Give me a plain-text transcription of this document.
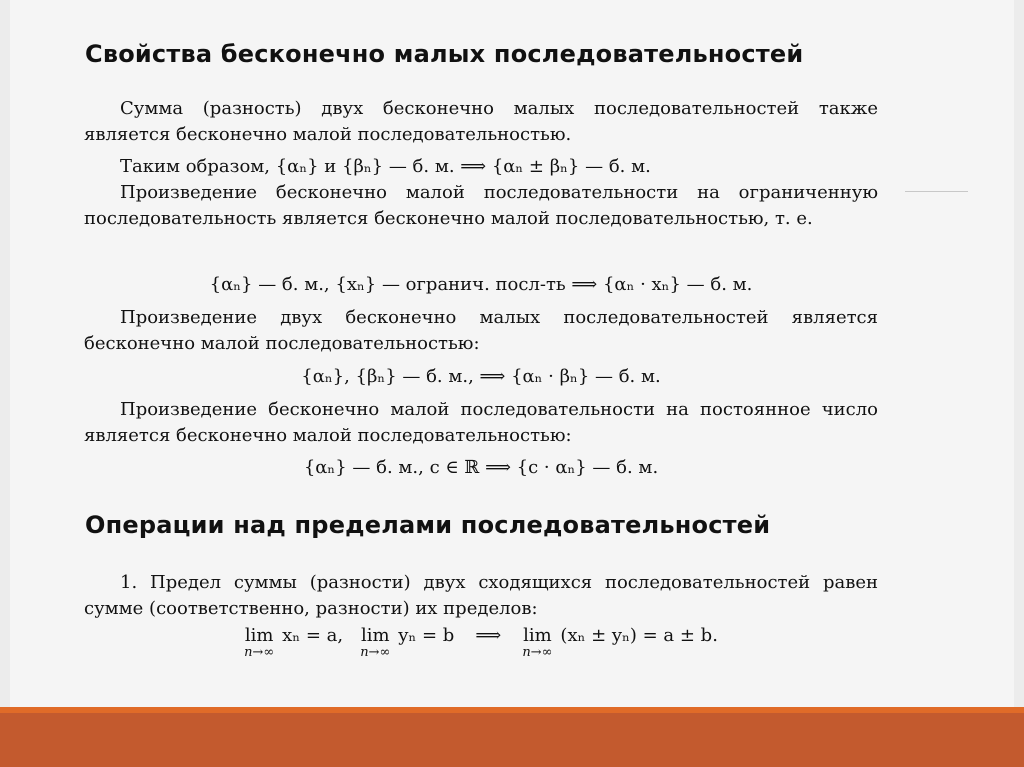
Свойства бесконечно малых последовательностей

Сумма (разность) двух бесконечно малых последовательностей также является бесконечно малой последовательностью.

Таким образом, {αₙ} и {βₙ} — б. м. ⟹ {αₙ ± βₙ} — б. м.

Произведение бесконечно малой последовательности на ограниченную последовательность является бесконечно малой последовательностью, т. е.

{αₙ} — б. м., {xₙ} — огранич. посл-ть ⟹ {αₙ · xₙ} — б. м.

Произведение двух бесконечно малых последовательностей является бесконечно малой последовательностью:

{αₙ}, {βₙ} — б. м., ⟹ {αₙ · βₙ} — б. м.

Произведение бесконечно малой последовательности на постоянное число является бесконечно малой последовательностью:

{αₙ} — б. м., c ∈ ℝ ⟹ {c · αₙ} — б. м.

Операции над пределами последовательностей

1. Предел суммы (разности) двух сходящихся последовательностей равен сумме (соответственно, разности) их пределов:

lim
n→∞
xₙ = a, lim
n→∞
yₙ = b ⟹ lim
n→∞
(xₙ ± yₙ) = a ± b.
